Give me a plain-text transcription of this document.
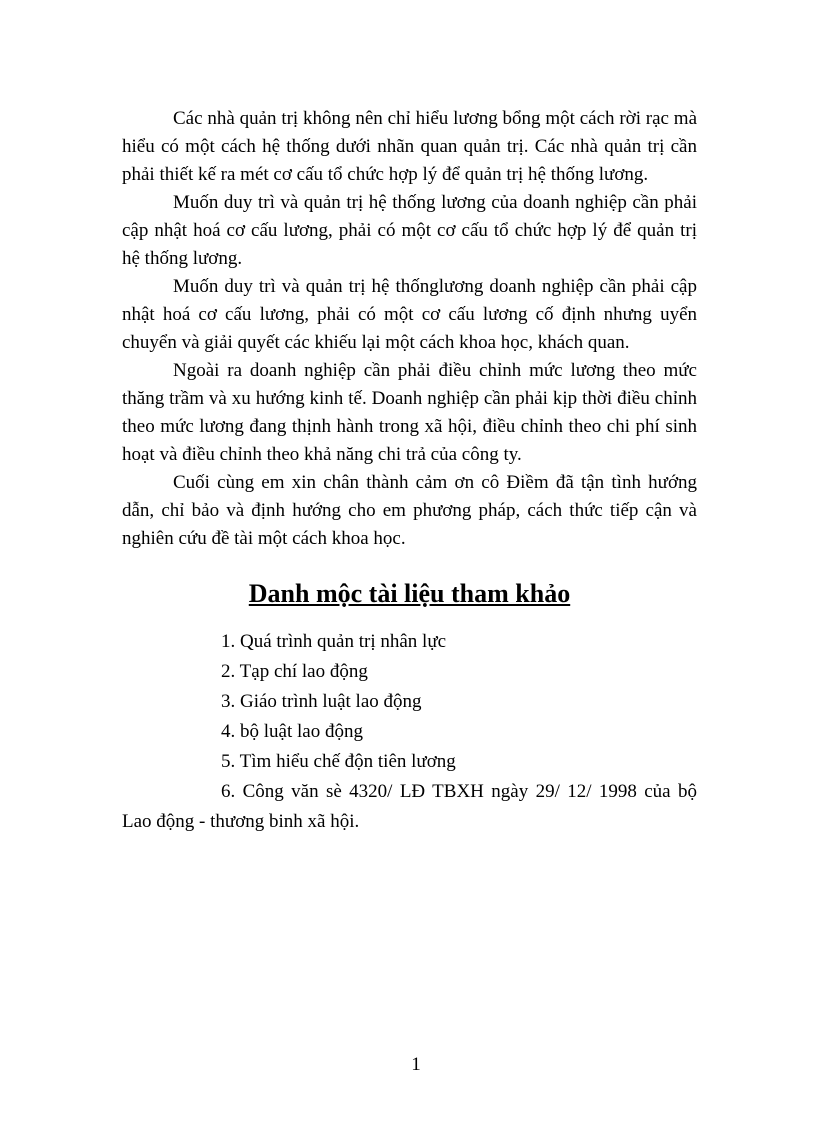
Các nhà quản trị không nên chỉ hiểu lương bổng một cách rời rạc mà hiểu có một cách hệ thống dưới nhãn quan quản trị. Các nhà quản trị cần phải thiết kế ra mét cơ cấu tổ chức hợp lý để quản trị hệ thống lương.

Muốn duy trì và quản trị hệ thống lương của doanh nghiệp cần phải cập nhật hoá cơ cấu lương, phải có một cơ cấu tổ chức hợp lý để quản trị hệ thống lương.

Muốn duy trì và quản trị hệ thốnglương doanh nghiệp cần phải cập nhật hoá cơ cấu lương, phải có một cơ cấu lương cố định nhưng uyển chuyển và giải quyết các khiếu lại một cách khoa học, khách quan.

Ngoài ra doanh nghiệp cần phải điều chỉnh mức lương theo mức thăng trầm và xu hướng kinh tế. Doanh nghiệp cần phải kịp thời điều chỉnh theo mức lương đang thịnh hành trong xã hội, điều chỉnh theo chi phí sinh hoạt và điều chỉnh theo khả năng chi trả của công ty.

Cuối cùng em xin chân thành cảm ơn cô Điềm đã tận tình hướng dẫn, chỉ bảo và định hướng cho em phương pháp, cách thức tiếp cận và nghiên cứu đề tài một cách khoa học.

Danh mộc tài liệu tham khảo

1. Quá trình quản trị nhân lực

2. Tạp chí lao động

3. Giáo trình luật lao động

4. bộ luật lao động

5. Tìm hiểu chế độn tiên lương

6. Công văn sè 4320/ LĐ TBXH ngày 29/ 12/ 1998 của bộ Lao động - thương binh xã hội.

1
